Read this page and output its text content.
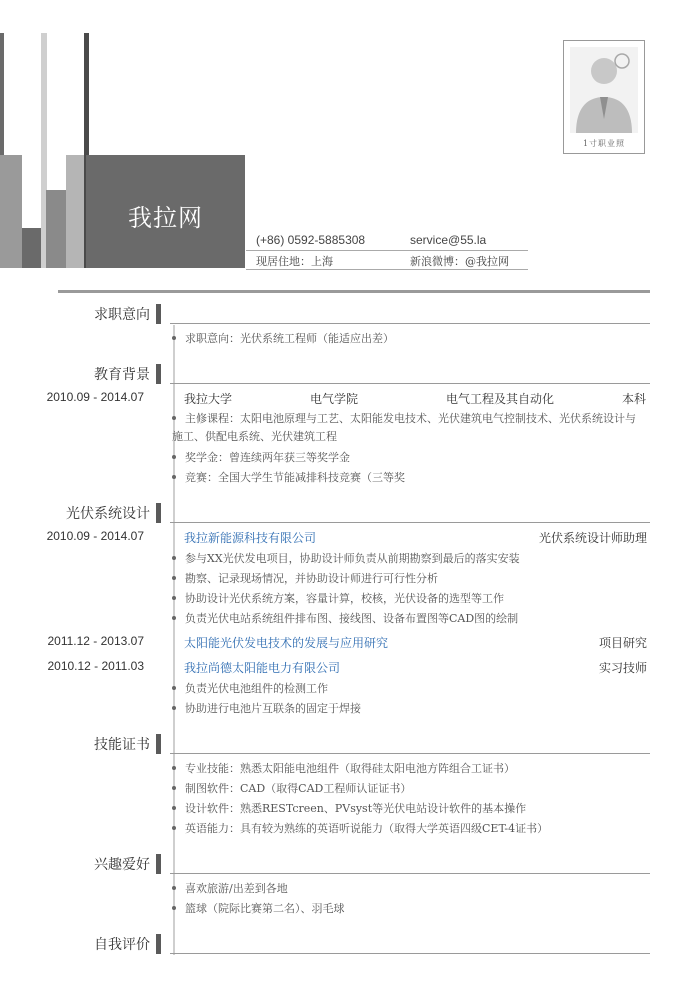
我拉网
(+86) 0592-5885308	service@55.la
现居住地：上海	新浪微博：@我拉网
1寸职业照
求职意向
求职意向：光伏系统工程师（能适应出差）
教育背景
2010.09 - 2014.07	我拉大学	电气学院	电气工程及其自动化	本科
主修课程：太阳电池原理与工艺、太阳能发电技术、光伏建筑电气控制技术、光伏系统设计与施工、供配电系统、光伏建筑工程
奖学金：曾连续两年获三等奖学金
竞赛：全国大学生节能减排科技竞赛（三等奖
光伏系统设计
2010.09 - 2014.07	我拉新能源科技有限公司	光伏系统设计师助理
参与XX光伏发电项目，协助设计师负责从前期勘察到最后的落实安装
勘察、记录现场情况，并协助设计师进行可行性分析
协助设计光伏系统方案，容量计算，校核，光伏设备的选型等工作
负责光伏电站系统组件排布图、接线图、设备布置图等CAD图的绘制
2011.12 - 2013.07	太阳能光伏发电技术的发展与应用研究	项目研究
2010.12 - 2011.03	我拉尚德太阳能电力有限公司	实习技师
负责光伏电池组件的检测工作
协助进行电池片互联条的固定于焊接
技能证书
专业技能：熟悉太阳能电池组件（取得硅太阳电池方阵组合工证书）
制图软件：CAD（取得CAD工程师认证证书）
设计软件：熟悉RESTcreen、PVsyst等光伏电站设计软件的基本操作
英语能力：具有较为熟练的英语听说能力（取得大学英语四级CET-4证书）
兴趣爱好
喜欢旅游/出差到各地
篮球（院际比赛第二名）、羽毛球
自我评价
